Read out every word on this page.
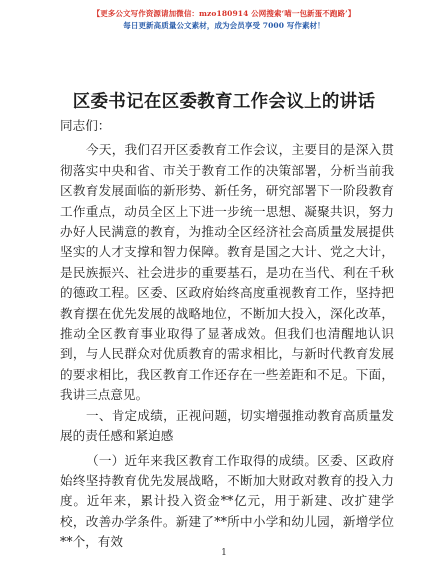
【更多公文写作资源请加微信：mzo180914 公网搜索‘喵一包新蛋不跑路’】
每日更新高质量公文素材，成为会员享受 7000 写作素材！
区委书记在区委教育工作会议上的讲话

同志们：

今天，我们召开区委教育工作会议，主要目的是深入贯彻落实中央和省、市关于教育工作的决策部署，分析当前我区教育发展面临的新形势、新任务，研究部署下一阶段教育工作重点，动员全区上下进一步统一思想、凝聚共识，努力办好人民满意的教育，为推动全区经济社会高质量发展提供坚实的人才支撑和智力保障。教育是国之大计、党之大计，是民族振兴、社会进步的重要基石，是功在当代、利在千秋的德政工程。区委、区政府始终高度重视教育工作，坚持把教育摆在优先发展的战略地位，不断加大投入，深化改革，推动全区教育事业取得了显著成效。但我们也清醒地认识到，与人民群众对优质教育的需求相比，与新时代教育发展的要求相比，我区教育工作还存在一些差距和不足。下面，我讲三点意见。

一、肯定成绩，正视问题，切实增强推动教育高质量发展的责任感和紧迫感

（一）近年来我区教育工作取得的成绩。区委、区政府始终坚持教育优先发展战略，不断加大财政对教育的投入力度。近年来，累计投入资金**亿元，用于新建、改扩建学校，改善办学条件。新建了**所中小学和幼儿园，新增学位**个，有效

1
